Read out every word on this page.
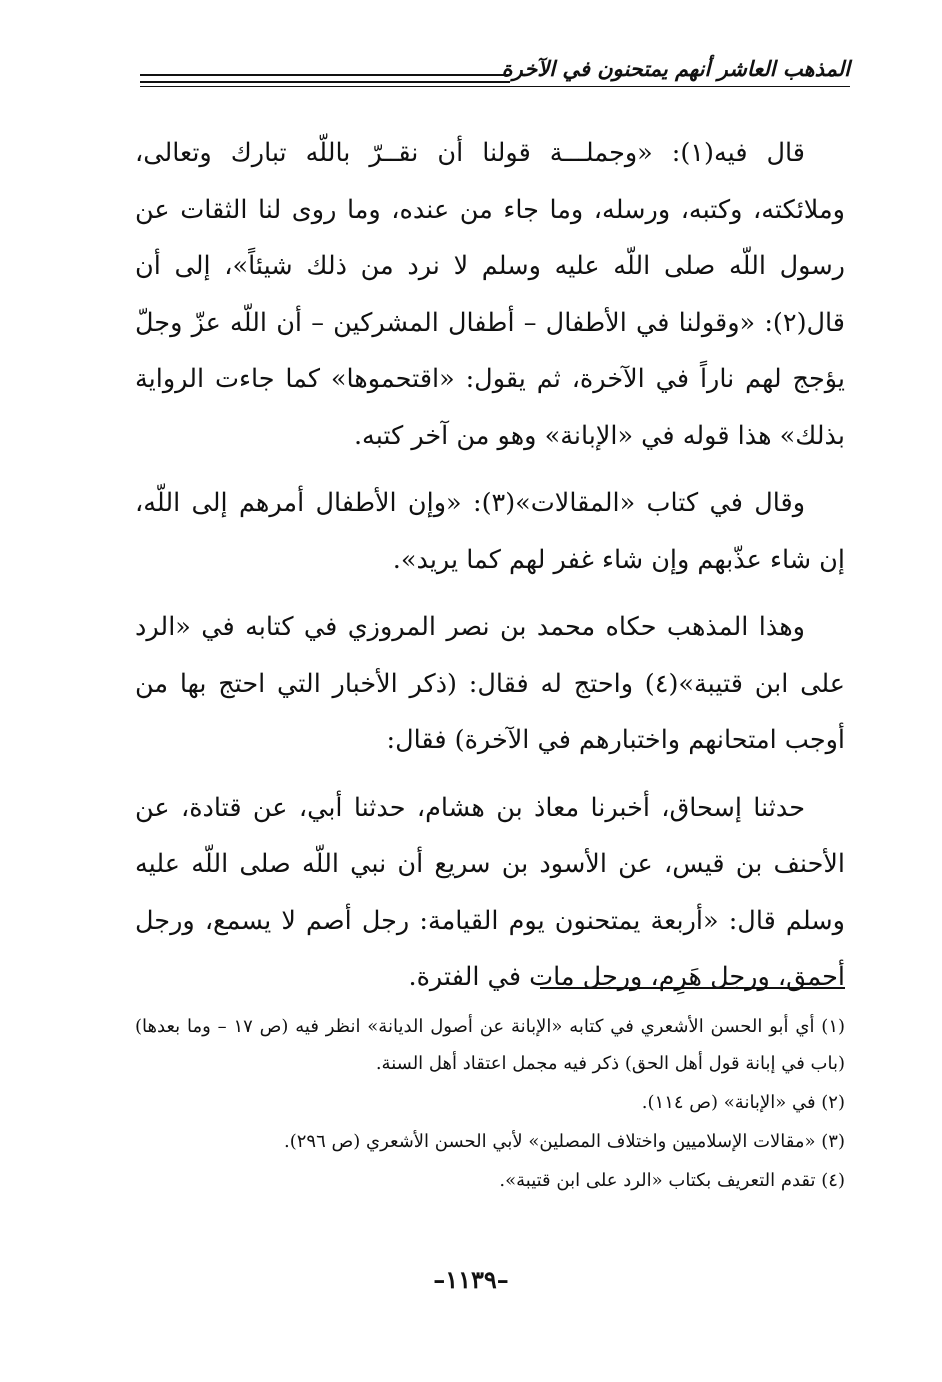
المذهب العاشر أنهم يمتحنون في الآخرة

قال فيه(١): «وجملـــة قولنا أن نقــرّ باللّه تبارك وتعالى، وملائكته، وكتبه، ورسله، وما جاء من عنده، وما روى لنا الثقات عن رسول اللّه صلى اللّه عليه وسلم لا نرد من ذلك شيئاً»، إلى أن قال(٢): «وقولنا في الأطفال – أطفال المشركين – أن اللّه عزّ وجلّ يؤجج لهم ناراً في الآخرة، ثم يقول: «اقتحموها» كما جاءت الرواية بذلك» هذا قوله في «الإبانة» وهو من آخر كتبه.

وقال في كتاب «المقالات»(٣): «وإن الأطفال أمرهم إلى اللّه، إن شاء عذّبهم وإن شاء غفر لهم كما يريد».

وهذا المذهب حكاه محمد بن نصر المروزي في كتابه في «الرد على ابن قتيبة»(٤) واحتج له فقال: (ذكر الأخبار التي احتج بها من أوجب امتحانهم واختبارهم في الآخرة) فقال:

حدثنا إسحاق، أخبرنا معاذ بن هشام، حدثنا أبي، عن قتادة، عن الأحنف بن قيس، عن الأسود بن سريع أن نبي اللّه صلى اللّه عليه وسلم قال: «أربعة يمتحنون يوم القيامة: رجل أصم لا يسمع، ورجل أحمق، ورجل هَرِم، ورجل مات في الفترة.

(١) أي أبو الحسن الأشعري في كتابه «الإبانة عن أصول الديانة» انظر فيه (ص ١٧ – وما بعدها) (باب في إبانة قول أهل الحق) ذكر فيه مجمل اعتقاد أهل السنة.

(٢) في «الإبانة» (ص ١١٤).

(٣) «مقالات الإسلاميين واختلاف المصلين» لأبي الحسن الأشعري (ص ٢٩٦).

(٤) تقدم التعريف بكتاب «الرد على ابن قتيبة».

–١١٣٩–
